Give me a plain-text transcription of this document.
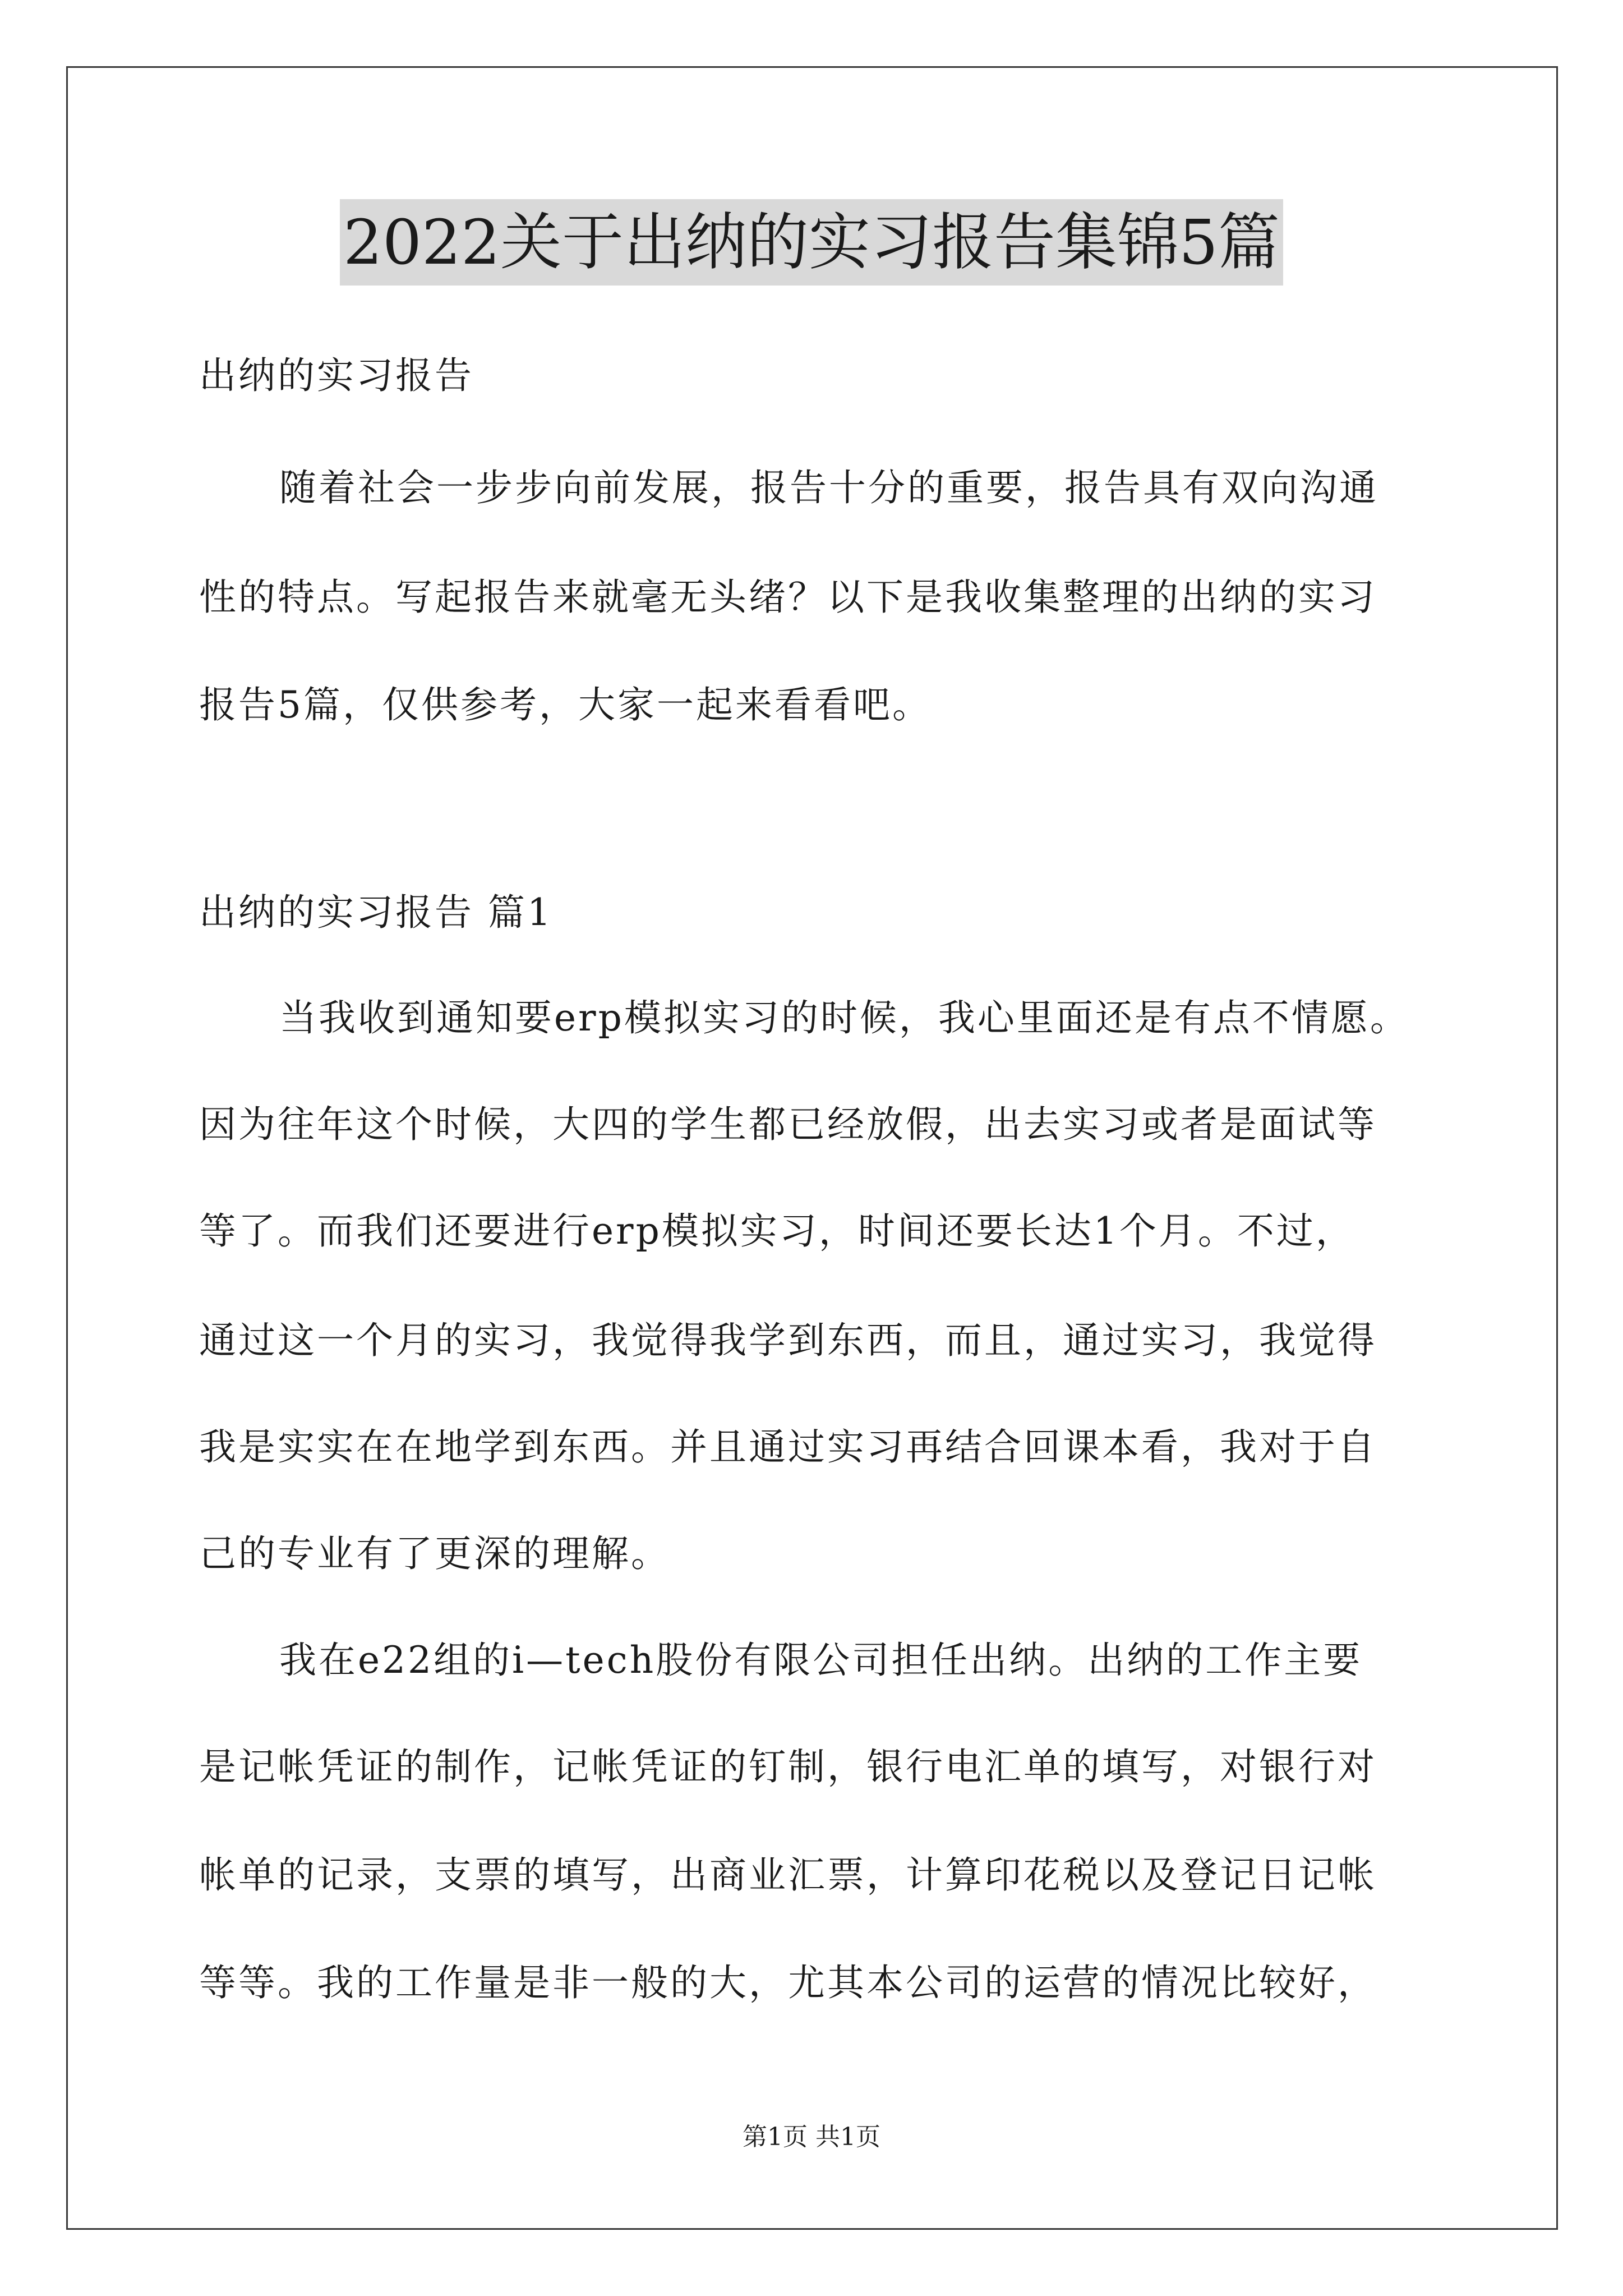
2022关于出纳的实习报告集锦5篇
出纳的实习报告
随着社会一步步向前发展，报告十分的重要，报告具有双向沟通
性的特点。写起报告来就毫无头绪？以下是我收集整理的出纳的实习
报告5篇，仅供参考，大家一起来看看吧。
出纳的实习报告 篇1
当我收到通知要erp模拟实习的时候，我心里面还是有点不情愿。
因为往年这个时候，大四的学生都已经放假，出去实习或者是面试等
等了。而我们还要进行erp模拟实习，时间还要长达1个月。不过，
通过这一个月的实习，我觉得我学到东西，而且，通过实习，我觉得
我是实实在在地学到东西。并且通过实习再结合回课本看，我对于自
己的专业有了更深的理解。
我在e22组的i—tech股份有限公司担任出纳。出纳的工作主要
是记帐凭证的制作，记帐凭证的钉制，银行电汇单的填写，对银行对
帐单的记录，支票的填写，出商业汇票，计算印花税以及登记日记帐
等等。我的工作量是非一般的大，尤其本公司的运营的情况比较好，
第1页 共1页
